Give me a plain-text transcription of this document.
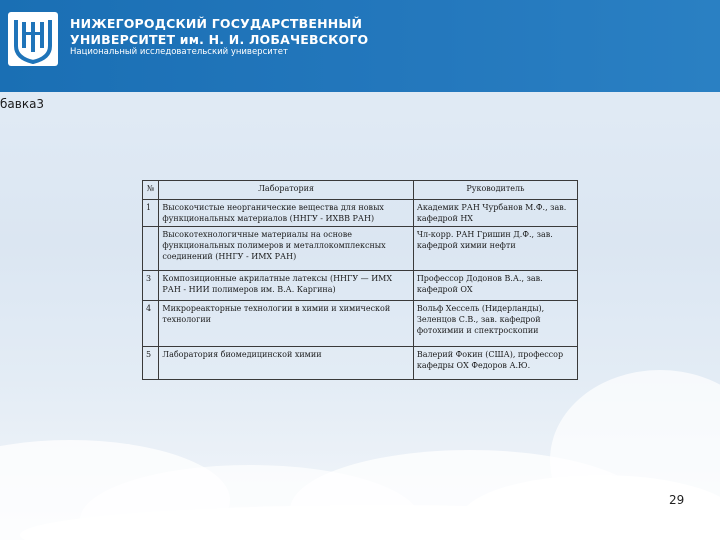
НИЖЕГОРОДСКИЙ ГОСУДАРСТВЕННЫЙ
УНИВЕРСИТЕТ им. Н. И. ЛОБАЧЕВСКОГО
Национальный исследовательский университет
бавка3
№	Лаборатория	Руководитель
1	Высокочистые неорганические вещества для новых функциональных материалов (ННГУ - ИХВВ РАН)	Академик РАН Чурбанов М.Ф., зав. кафедрой НХ
	Высокотехнологичные материалы на основе функциональных полимеров и металлокомплексных соединений (ННГУ - ИМХ РАН)	Чл-корр. РАН Гришин Д.Ф., зав. кафедрой химии нефти
3	Композиционные акрилатные латексы (ННГУ — ИМХ РАН - НИИ полимеров им. В.А. Каргина)	Профессор Додонов В.А., зав. кафедрой ОХ
4	Микрореакторные технологии в химии и химической технологии	Вольф Хессель (Нидерланды), Зеленцов С.В., зав. кафедрой фотохимии и спектроскопии
5	Лаборатория биомедицинской химии	Валерий Фокин (США), профессор кафедры ОХ Федоров А.Ю.
29
